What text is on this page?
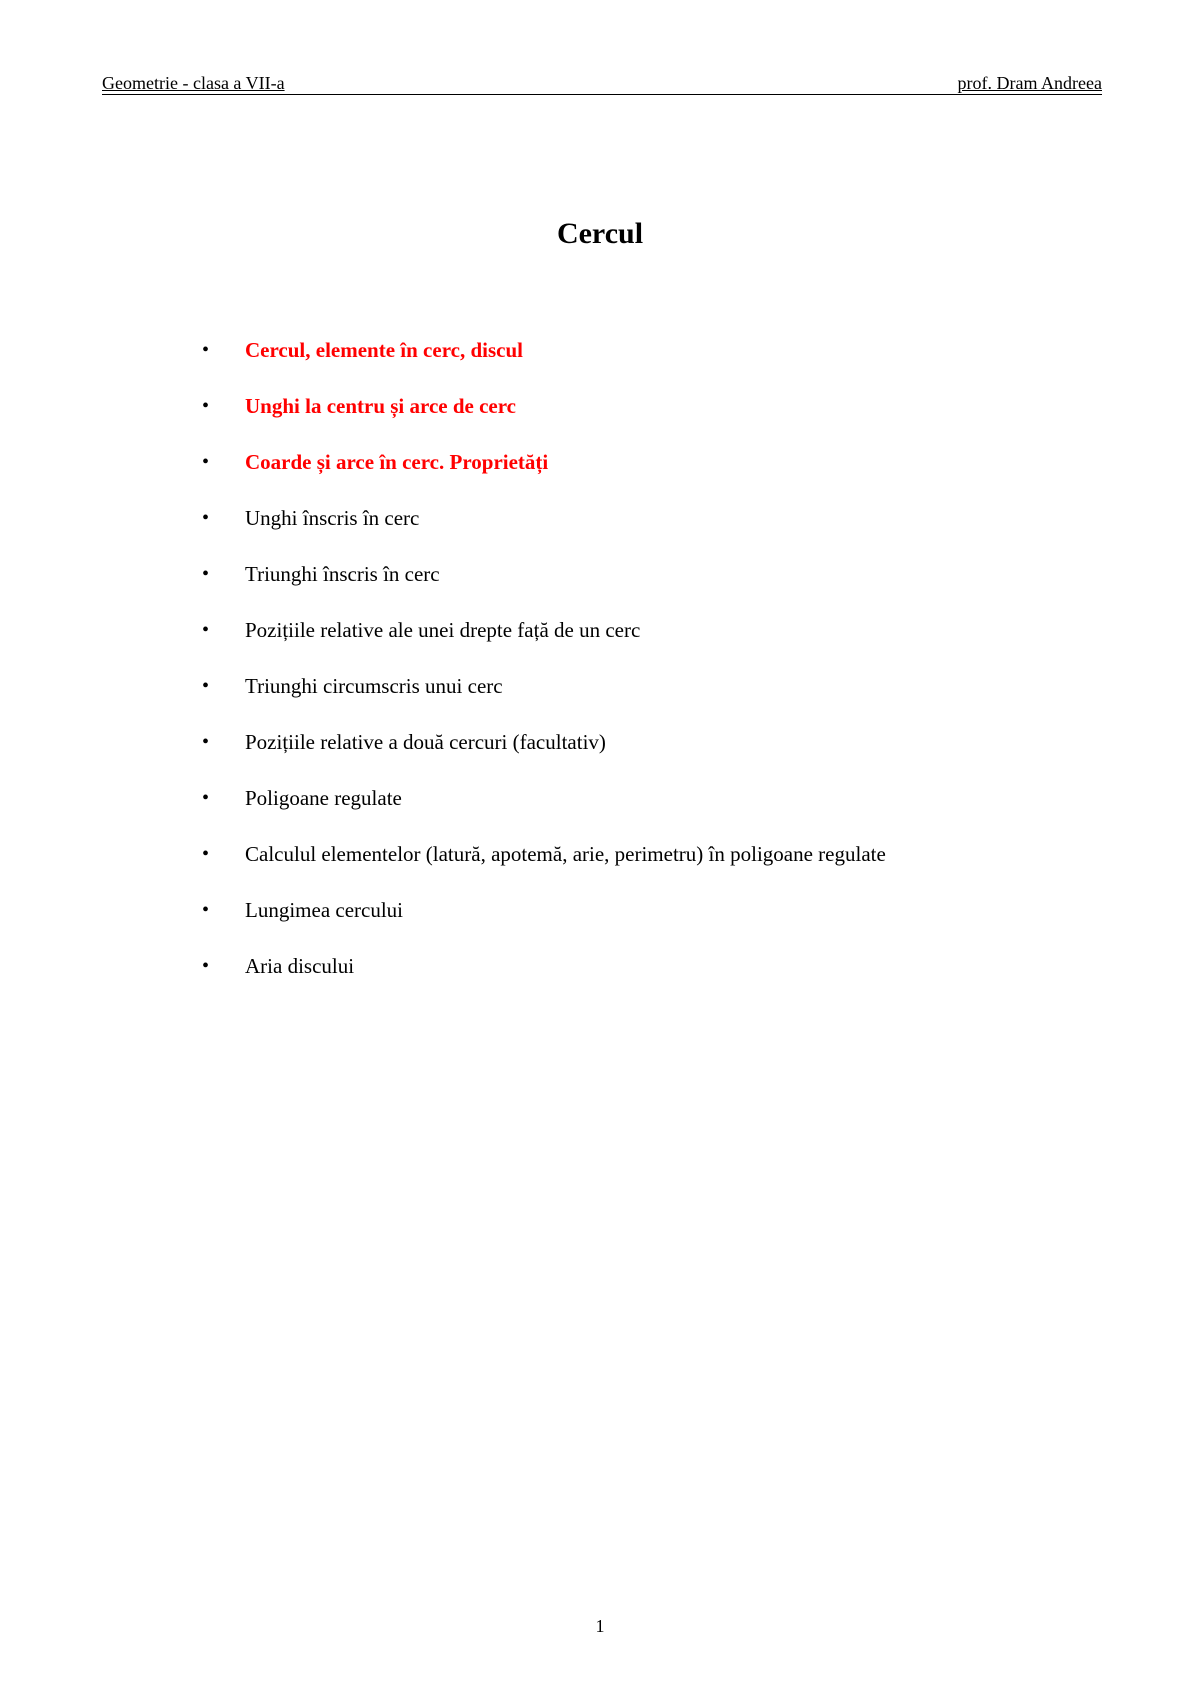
Geometrie - clasa a VII-a	prof. Dram Andreea
Cercul
•	Cercul, elemente în cerc, discul
•	Unghi la centru și arce de cerc
•	Coarde și arce în cerc. Proprietăți
•	Unghi înscris în cerc
•	Triunghi înscris în cerc
•	Pozițiile relative ale unei drepte față de un cerc
•	Triunghi circumscris unui cerc
•	Pozițiile relative a două cercuri (facultativ)
•	Poligoane regulate
•	Calculul elementelor (latură, apotemă, arie, perimetru) în poligoane regulate
•	Lungimea cercului
•	Aria discului
1
